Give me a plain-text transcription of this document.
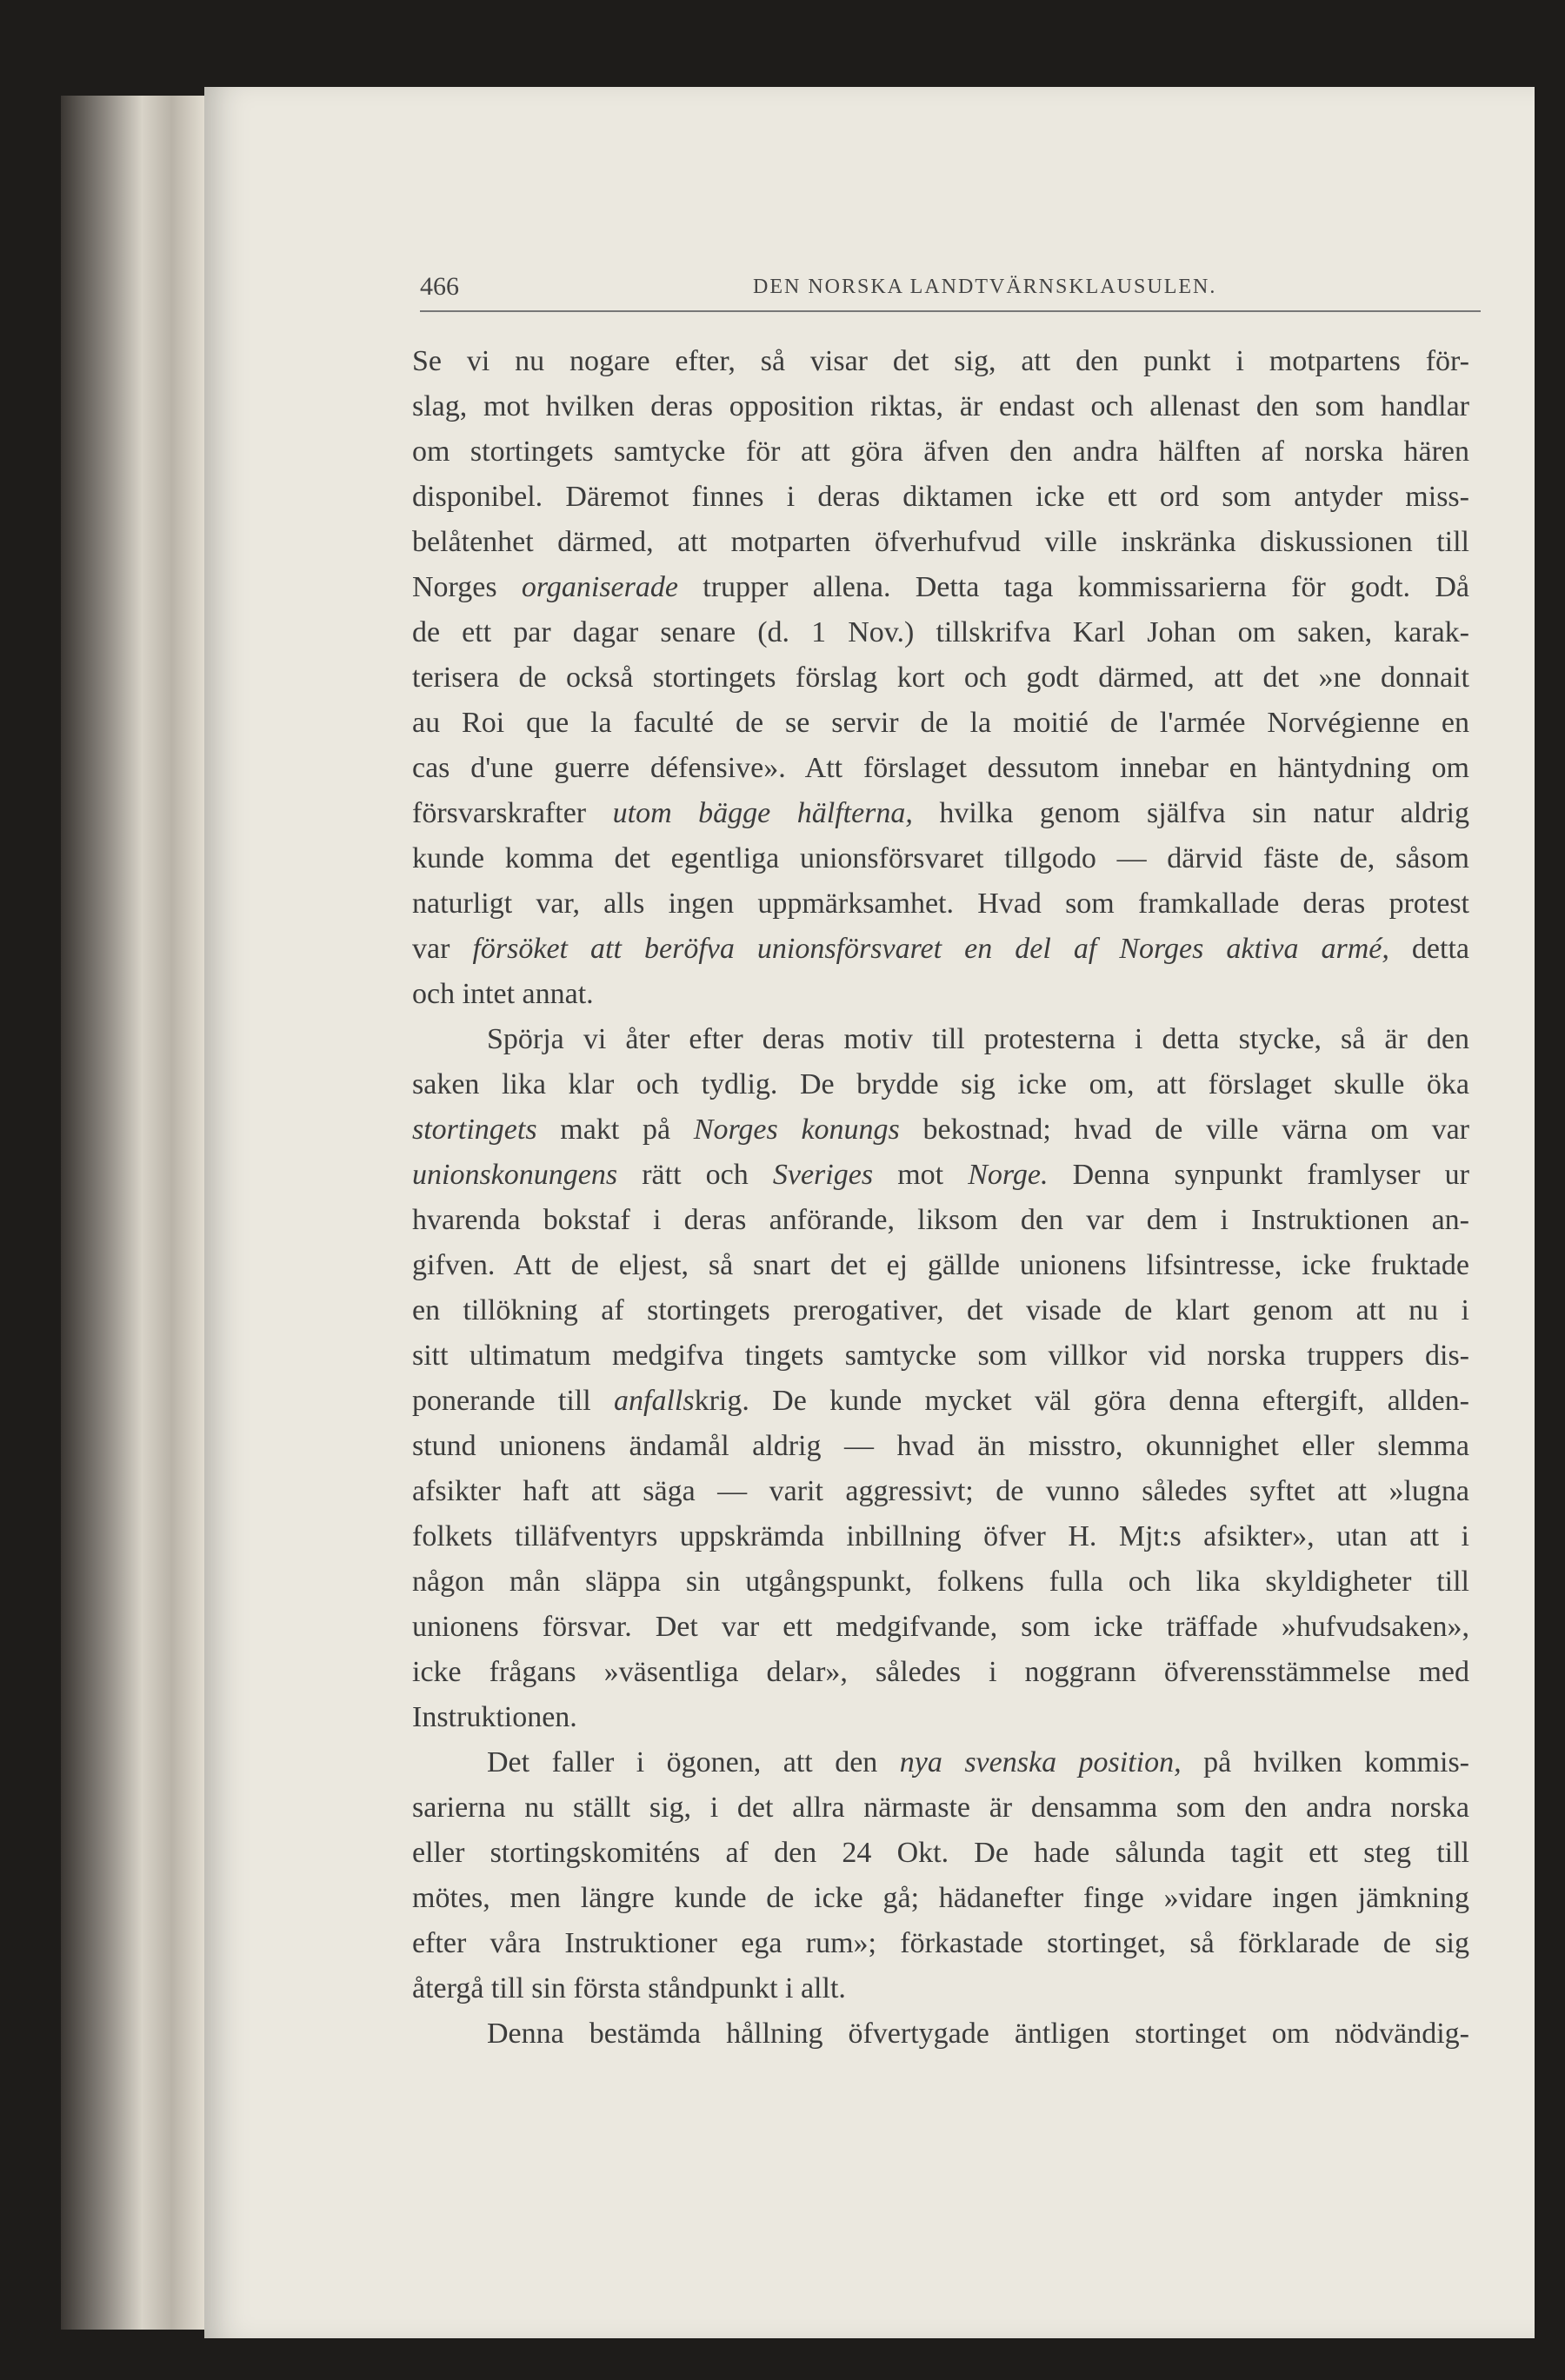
466	DEN NORSKA LANDTVÄRNSKLAUSULEN.
Se vi nu nogare efter, så visar det sig, att den punkt i motpartens för-
slag, mot hvilken deras opposition riktas, är endast och allenast den som handlar
om stortingets samtycke för att göra äfven den andra hälften af norska hären
disponibel. Däremot finnes i deras diktamen icke ett ord som antyder miss-
belåtenhet därmed, att motparten öfverhufvud ville inskränka diskussionen till
Norges organiserade trupper allena. Detta taga kommissarierna för godt. Då
de ett par dagar senare (d. 1 Nov.) tillskrifva Karl Johan om saken, karak-
terisera de också stortingets förslag kort och godt därmed, att det »ne donnait
au Roi que la faculté de se servir de la moitié de l'armée Norvégienne en
cas d'une guerre défensive». Att förslaget dessutom innebar en häntydning om
försvarskrafter utom bägge hälfterna, hvilka genom själfva sin natur aldrig
kunde komma det egentliga unionsförsvaret tillgodo — därvid fäste de, såsom
naturligt var, alls ingen uppmärksamhet. Hvad som framkallade deras protest
var försöket att beröfva unionsförsvaret en del af Norges aktiva armé, detta
och intet annat.
Spörja vi åter efter deras motiv till protesterna i detta stycke, så är den
saken lika klar och tydlig. De brydde sig icke om, att förslaget skulle öka
stortingets makt på Norges konungs bekostnad; hvad de ville värna om var
unionskonungens rätt och Sveriges mot Norge. Denna synpunkt framlyser ur
hvarenda bokstaf i deras anförande, liksom den var dem i Instruktionen an-
gifven. Att de eljest, så snart det ej gällde unionens lifsintresse, icke fruktade
en tillökning af stortingets prerogativer, det visade de klart genom att nu i
sitt ultimatum medgifva tingets samtycke som villkor vid norska truppers dis-
ponerande till anfallskrig. De kunde mycket väl göra denna eftergift, allden-
stund unionens ändamål aldrig — hvad än misstro, okunnighet eller slemma
afsikter haft att säga — varit aggressivt; de vunno således syftet att »lugna
folkets tilläfventyrs uppskrämda inbillning öfver H. Mjt:s afsikter», utan att i
någon mån släppa sin utgångspunkt, folkens fulla och lika skyldigheter till
unionens försvar. Det var ett medgifvande, som icke träffade »hufvudsaken»,
icke frågans »väsentliga delar», således i noggrann öfverensstämmelse med
Instruktionen.
Det faller i ögonen, att den nya svenska position, på hvilken kommis-
sarierna nu ställt sig, i det allra närmaste är densamma som den andra norska
eller stortingskomiténs af den 24 Okt. De hade sålunda tagit ett steg till
mötes, men längre kunde de icke gå; hädanefter finge »vidare ingen jämkning
efter våra Instruktioner ega rum»; förkastade stortinget, så förklarade de sig
återgå till sin första ståndpunkt i allt.
Denna bestämda hållning öfvertygade äntligen stortinget om nödvändig-
